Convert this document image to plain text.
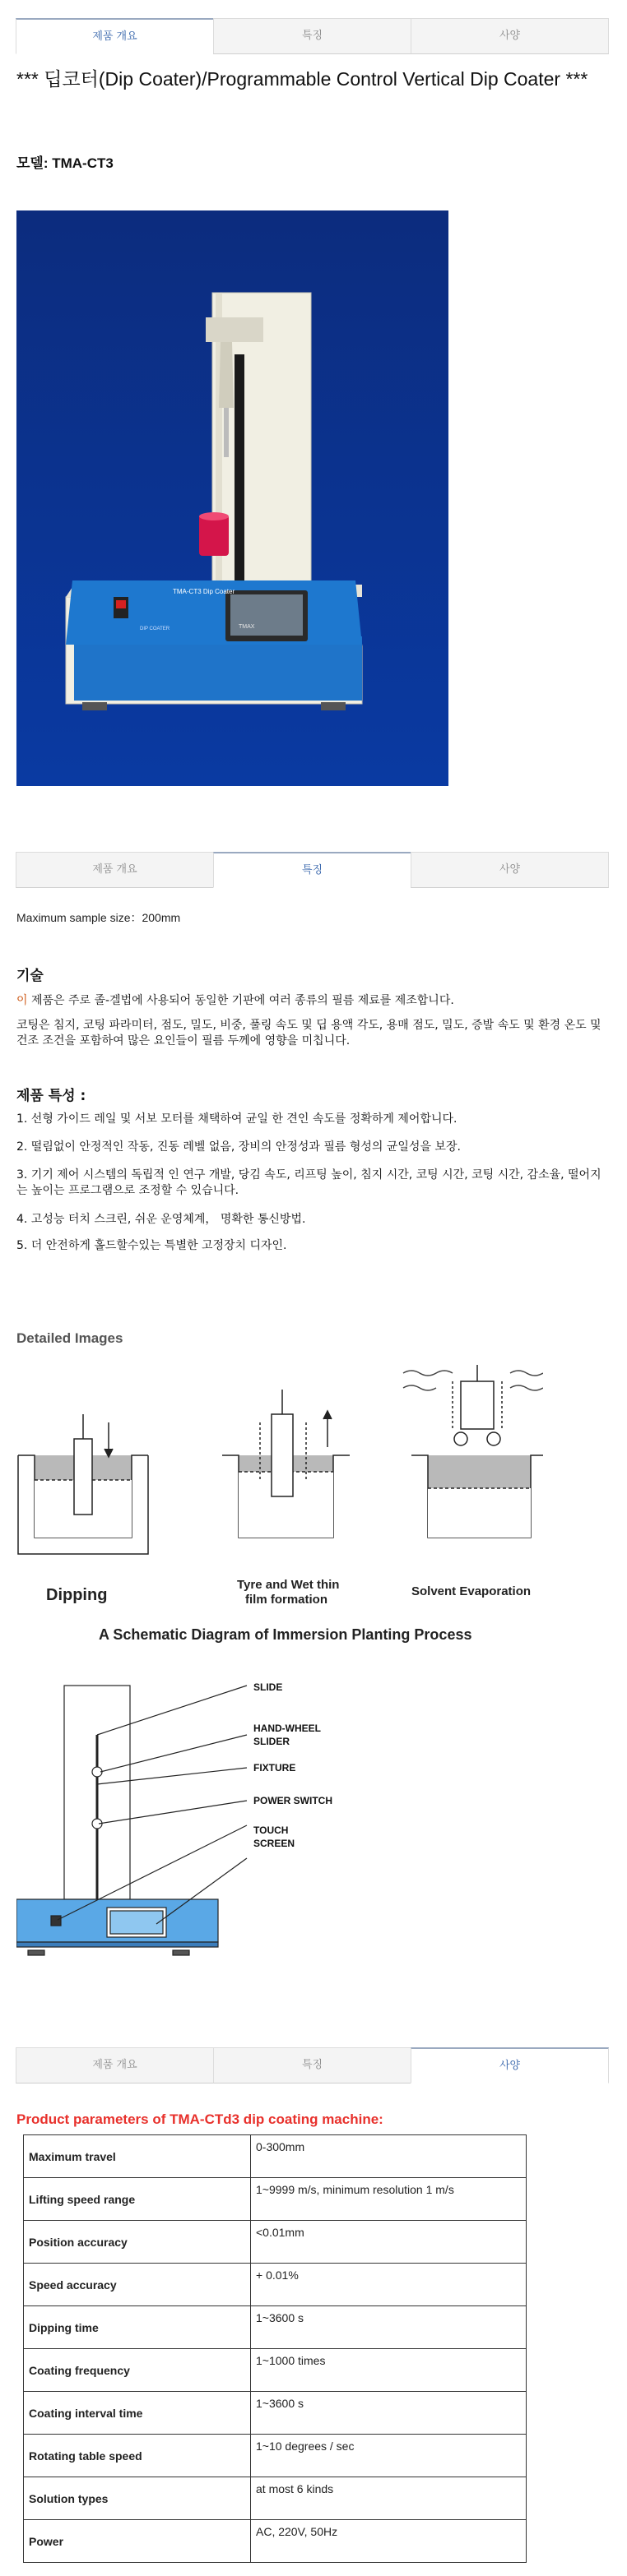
제품 개요	특징	사양
*** 딥코터(Dip Coater)/Programmable Control Vertical Dip Coater ***
모델: TMA-CT3
TMAX
TMA-CT3 Dip Coater
DIP COATER
제품 개요	특징	사양
Maximum sample size：200mm
기술
이 제품은 주로 졸-겔법에 사용되어 동일한 기판에 여러 종류의 필름 제료를 제조합니다.
코팅은 침지, 코팅 파라미터, 점도, 밀도, 비중, 풀링 속도 및 딥 용액 각도, 용매 점도, 밀도, 증발 속도 및 환경 온도 및 건조 조건을 포함하여 많은 요인들이 필름 두께에 영향을 미칩니다.
제품 특성 :
1. 선형 가이드 레일 및 서보 모터를 채택하여 균일 한 견인 속도를 정확하게 제어합니다.
2. 떨림없이 안정적인 작동, 진동 레벨 없음, 장비의 안정성과 필름 형성의 균일성을 보장.
3. 기기 제어 시스템의 독립적 인 연구 개발, 당김 속도, 리프팅 높이, 침지 시간, 코팅 시간, 코팅 시간, 감소율, 떨어지는 높이는 프로그램으로 조정할 수 있습니다.
4. 고성능 터치 스크린, 쉬운 운영체계， 명확한 통신방법.
5. 더 안전하게 홀드할수있는 특별한 고정장치 디자인.
Detailed Images
Dipping
Tyre and Wet thin
film formation
Solvent Evaporation
A Schematic Diagram of Immersion Planting Process
SLIDE
HAND-WHEEL
SLIDER
FIXTURE
POWER SWITCH
TOUCH
SCREEN
제품 개요	특징	사양
Product parameters of TMA-CTd3 dip coating machine:
Maximum travel	0-300mm
Lifting speed range	1~9999 m/s, minimum resolution 1 m/s
Position accuracy	<0.01mm
Speed accuracy	+ 0.01%
Dipping time	1~3600 s
Coating frequency	1~1000 times
Coating interval time	1~3600 s
Rotating table speed	1~10 degrees / sec
Solution types	at most 6 kinds
Power	AC, 220V, 50Hz
